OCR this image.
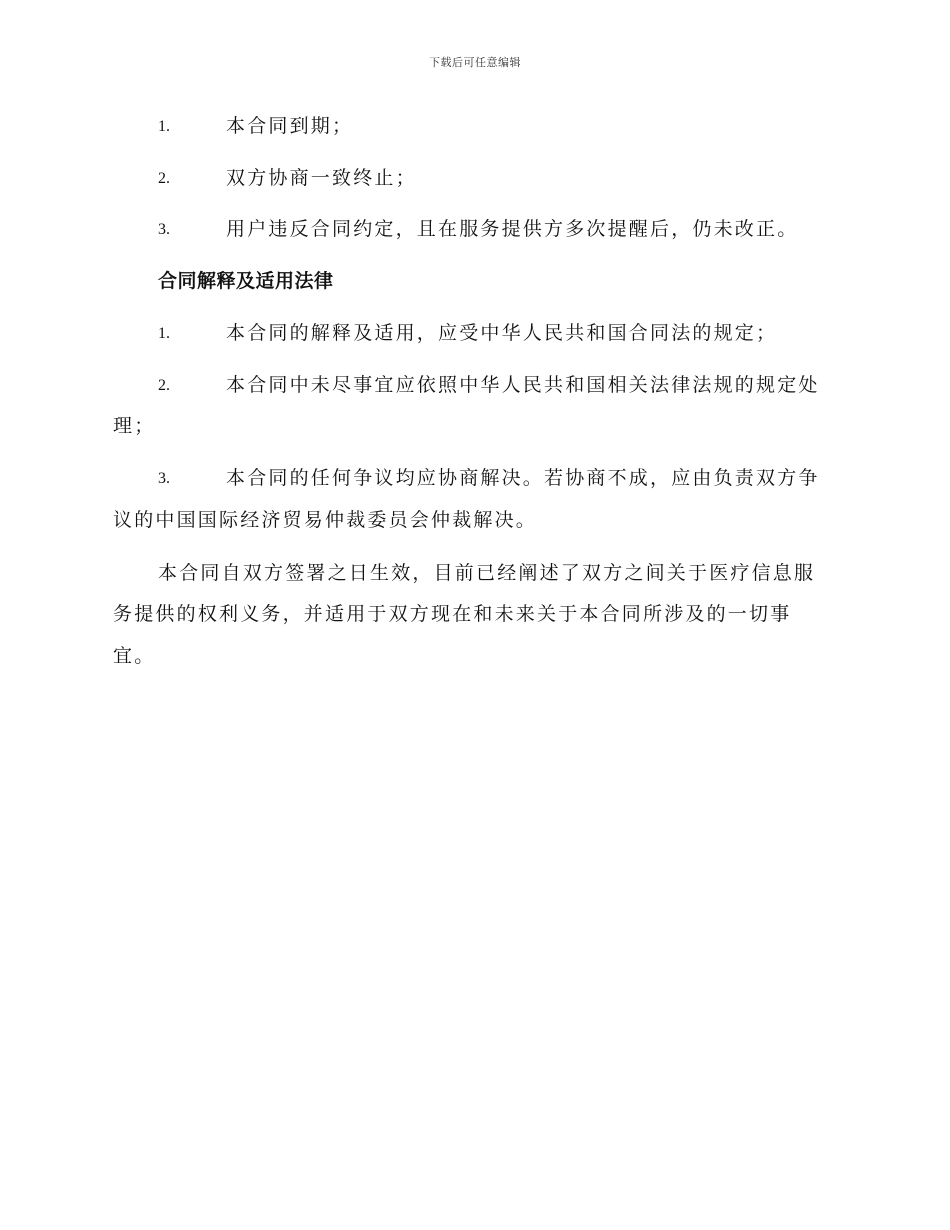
下载后可任意编辑
1.	本合同到期；
2.	双方协商一致终止；
3.	用户违反合同约定，且在服务提供方多次提醒后，仍未改正。
合同解释及适用法律
1.	本合同的解释及适用，应受中华人民共和国合同法的规定；
2.	本合同中未尽事宜应依照中华人民共和国相关法律法规的规定处
理；
3.	本合同的任何争议均应协商解决。若协商不成，应由负责双方争
议的中国国际经济贸易仲裁委员会仲裁解决。
本合同自双方签署之日生效，目前已经阐述了双方之间关于医疗信息服
务提供的权利义务，并适用于双方现在和未来关于本合同所涉及的一切事
宜。
